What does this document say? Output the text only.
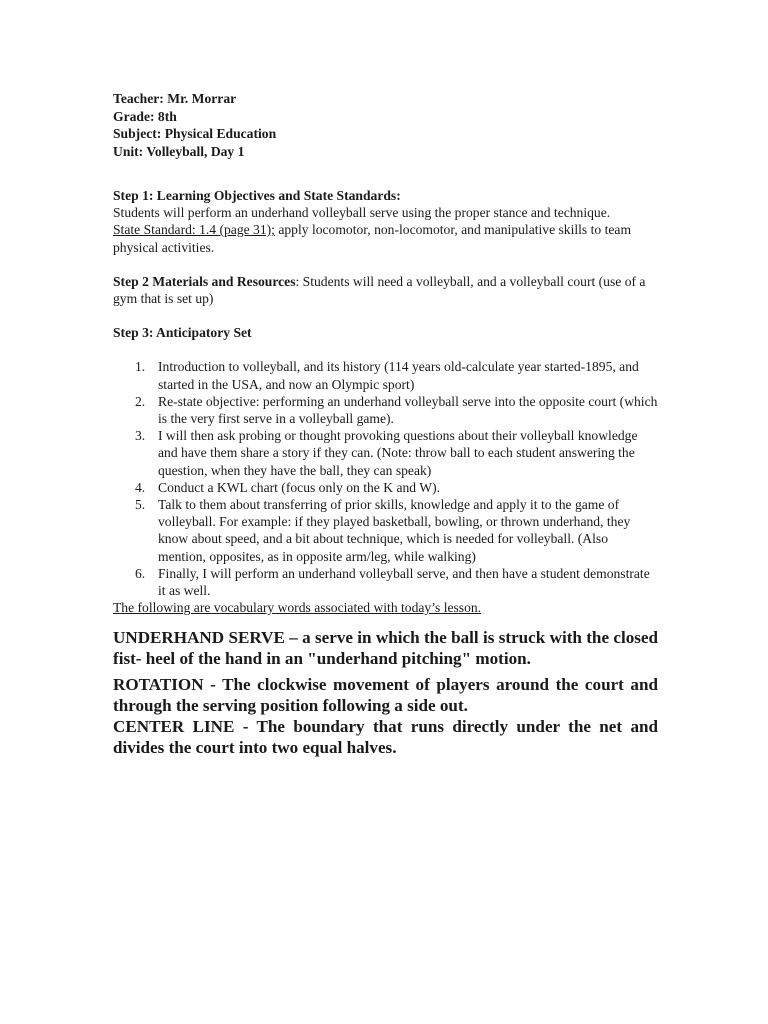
Teacher: Mr. Morrar
Grade: 8th
Subject: Physical Education
Unit: Volleyball, Day 1

Step 1: Learning Objectives and State Standards:

Students will perform an underhand volleyball serve using the proper stance and technique.

State Standard: 1.4 (page 31); apply locomotor, non-locomotor, and manipulative skills to team physical activities.

Step 2 Materials and Resources: Students will need a volleyball, and a volleyball court (use of a gym that is set up)

Step 3: Anticipatory Set

1. Introduction to volleyball, and its history (114 years old-calculate year started-1895, and started in the USA, and now an Olympic sport)
2. Re-state objective: performing an underhand volleyball serve into the opposite court (which is the very first serve in a volleyball game).
3. I will then ask probing or thought provoking questions about their volleyball knowledge and have them share a story if they can. (Note: throw ball to each student answering the question, when they have the ball, they can speak)
4. Conduct a KWL chart (focus only on the K and W).
5. Talk to them about transferring of prior skills, knowledge and apply it to the game of volleyball. For example: if they played basketball, bowling, or thrown underhand, they know about speed, and a bit about technique, which is needed for volleyball. (Also mention, opposites, as in opposite arm/leg, while walking)
6. Finally, I will perform an underhand volleyball serve, and then have a student demonstrate it as well.

The following are vocabulary words associated with today’s lesson.

UNDERHAND SERVE – a serve in which the ball is struck with the closed fist- heel of the hand in an "underhand pitching" motion.

ROTATION - The clockwise movement of players around the court and through the serving position following a side out.

CENTER LINE - The boundary that runs directly under the net and divides the court into two equal halves.
